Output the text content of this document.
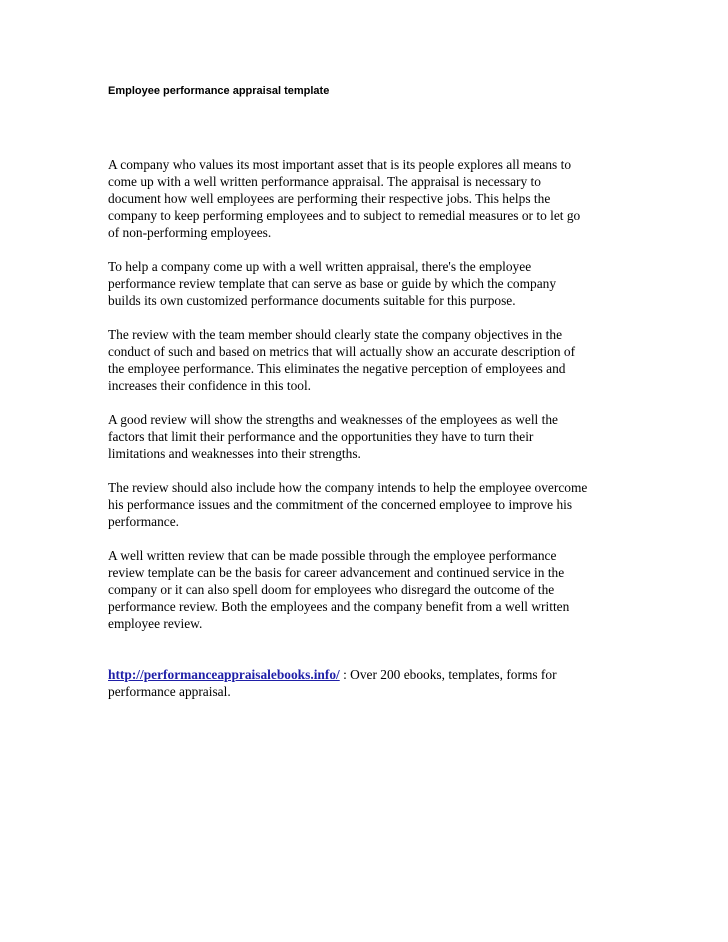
Employee performance appraisal template

A company who values its most important asset that is its people explores all means to
come up with a well written performance appraisal. The appraisal is necessary to
document how well employees are performing their respective jobs. This helps the
company to keep performing employees and to subject to remedial measures or to let go
of non-performing employees.

To help a company come up with a well written appraisal, there's the employee
performance review template that can serve as base or guide by which the company
builds its own customized performance documents suitable for this purpose.

The review with the team member should clearly state the company objectives in the
conduct of such and based on metrics that will actually show an accurate description of
the employee performance. This eliminates the negative perception of employees and
increases their confidence in this tool.

A good review will show the strengths and weaknesses of the employees as well the
factors that limit their performance and the opportunities they have to turn their
limitations and weaknesses into their strengths.

The review should also include how the company intends to help the employee overcome
his performance issues and the commitment of the concerned employee to improve his
performance.

A well written review that can be made possible through the employee performance
review template can be the basis for career advancement and continued service in the
company or it can also spell doom for employees who disregard the outcome of the
performance review. Both the employees and the company benefit from a well written
employee review.

http://performanceappraisalebooks.info/ : Over 200 ebooks, templates, forms for
performance appraisal.
